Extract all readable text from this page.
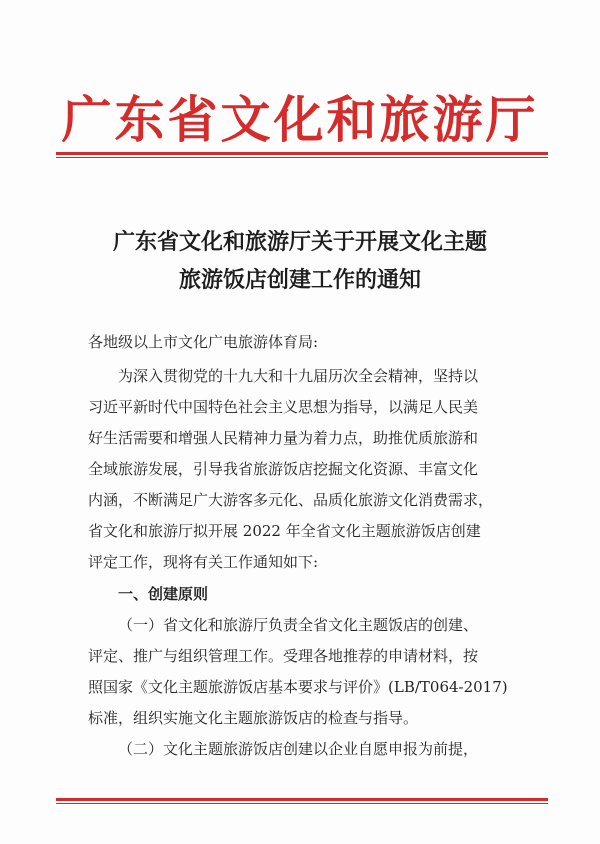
广东省文化和旅游厅
广东省文化和旅游厅关于开展文化主题
旅游饭店创建工作的通知
各地级以上市文化广电旅游体育局:
为深入贯彻党的十九大和十九届历次全会精神，坚持以
习近平新时代中国特色社会主义思想为指导，以满足人民美
好生活需要和增强人民精神力量为着力点，助推优质旅游和
全域旅游发展，引导我省旅游饭店挖掘文化资源、丰富文化
内涵，不断满足广大游客多元化、品质化旅游文化消费需求，
省文化和旅游厅拟开展 2022 年全省文化主题旅游饭店创建
评定工作，现将有关工作通知如下:
一、创建原则
（一）省文化和旅游厅负责全省文化主题饭店的创建、
评定、推广与组织管理工作。受理各地推荐的申请材料，按
照国家《文化主题旅游饭店基本要求与评价》(LB/T064-2017)
标准，组织实施文化主题旅游饭店的检查与指导。
（二）文化主题旅游饭店创建以企业自愿申报为前提，
